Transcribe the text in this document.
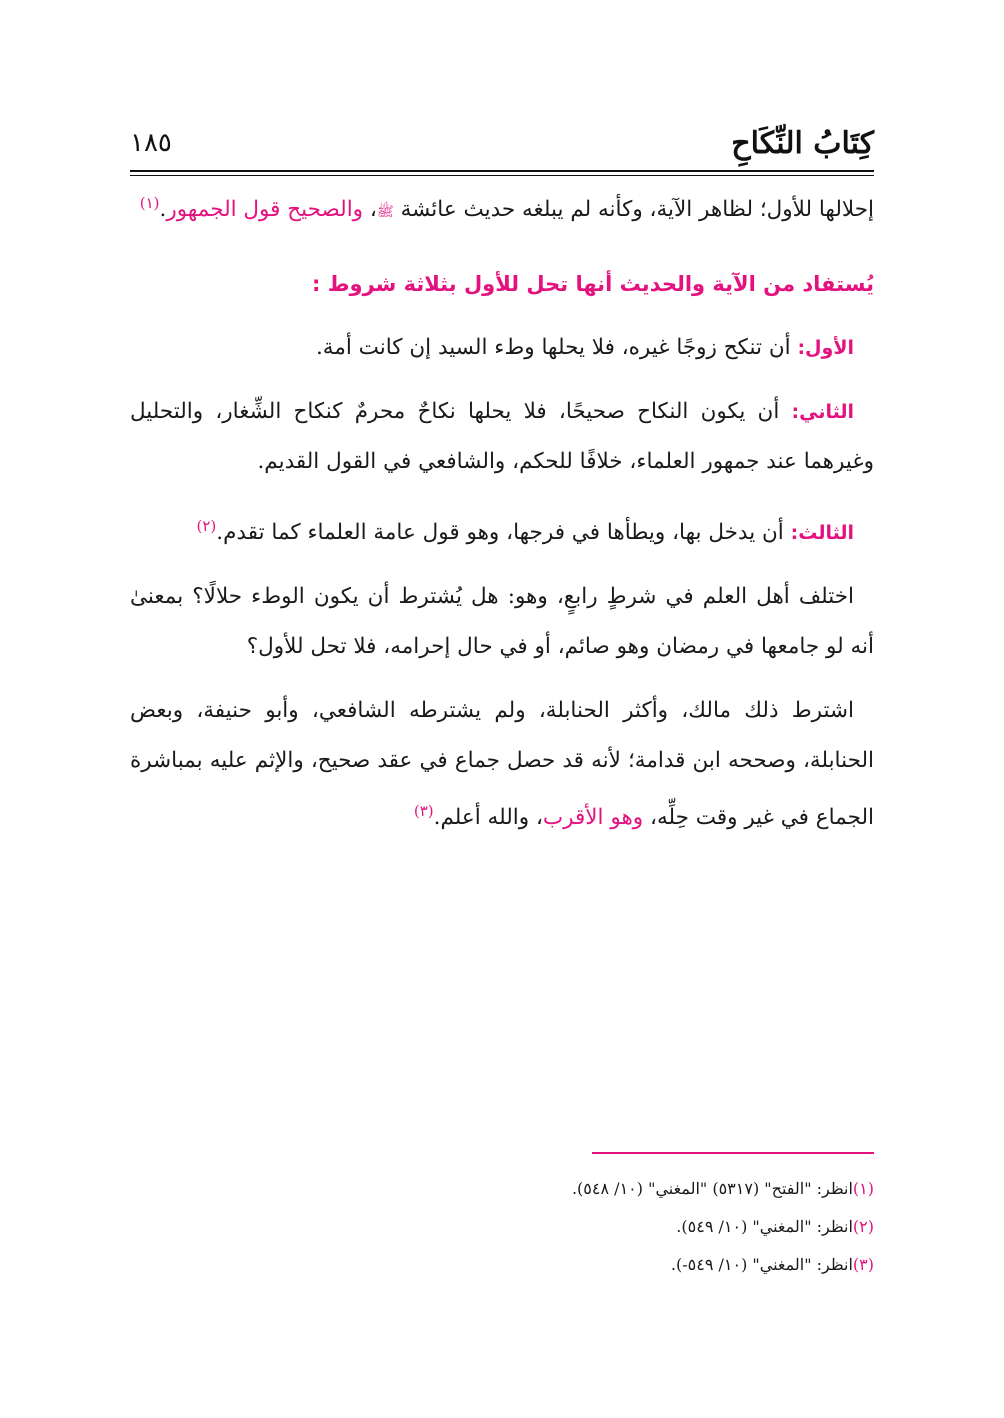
كِتَابُ النِّكَاحِ
١٨٥

إحلالها للأول؛ لظاهر الآية، وكأنه لم يبلغه حديث عائشة ﷺ، والصحيح قول الجمهور.$^{(١)}$

يُستفاد من الآية والحديث أنها تحل للأول بثلاثة شروط :

الأول: أن تنكح زوجًا غيره، فلا يحلها وطء السيد إن كانت أمة.

الثاني: أن يكون النكاح صحيحًا، فلا يحلها نكاحٌ محرمٌ كنكاح الشِّغار، والتحليل وغيرهما عند جمهور العلماء، خلافًا للحكم، والشافعي في القول القديم.

الثالث: أن يدخل بها، ويطأها في فرجها، وهو قول عامة العلماء كما تقدم.$^{(٢)}$

اختلف أهل العلم في شرطٍ رابعٍ، وهو: هل يُشترط أن يكون الوطء حلالًا؟ بمعنىٰ أنه لو جامعها في رمضان وهو صائم، أو في حال إحرامه، فلا تحل للأول؟

اشترط ذلك مالك، وأكثر الحنابلة، ولم يشترطه الشافعي، وأبو حنيفة، وبعض الحنابلة، وصححه ابن قدامة؛ لأنه قد حصل جماع في عقد صحيح، والإثم عليه بمباشرة الجماع في غير وقت حِلِّه، وهو الأقرب، والله أعلم.$^{(٣)}$

(١)انظر: "الفتح" (٥٣١٧) "المغني" (١٠/ ٥٤٨).

(٢)انظر: "المغني" (١٠/ ٥٤٩).

(٣)انظر: "المغني" (١٠/ ٥٤٩-).
